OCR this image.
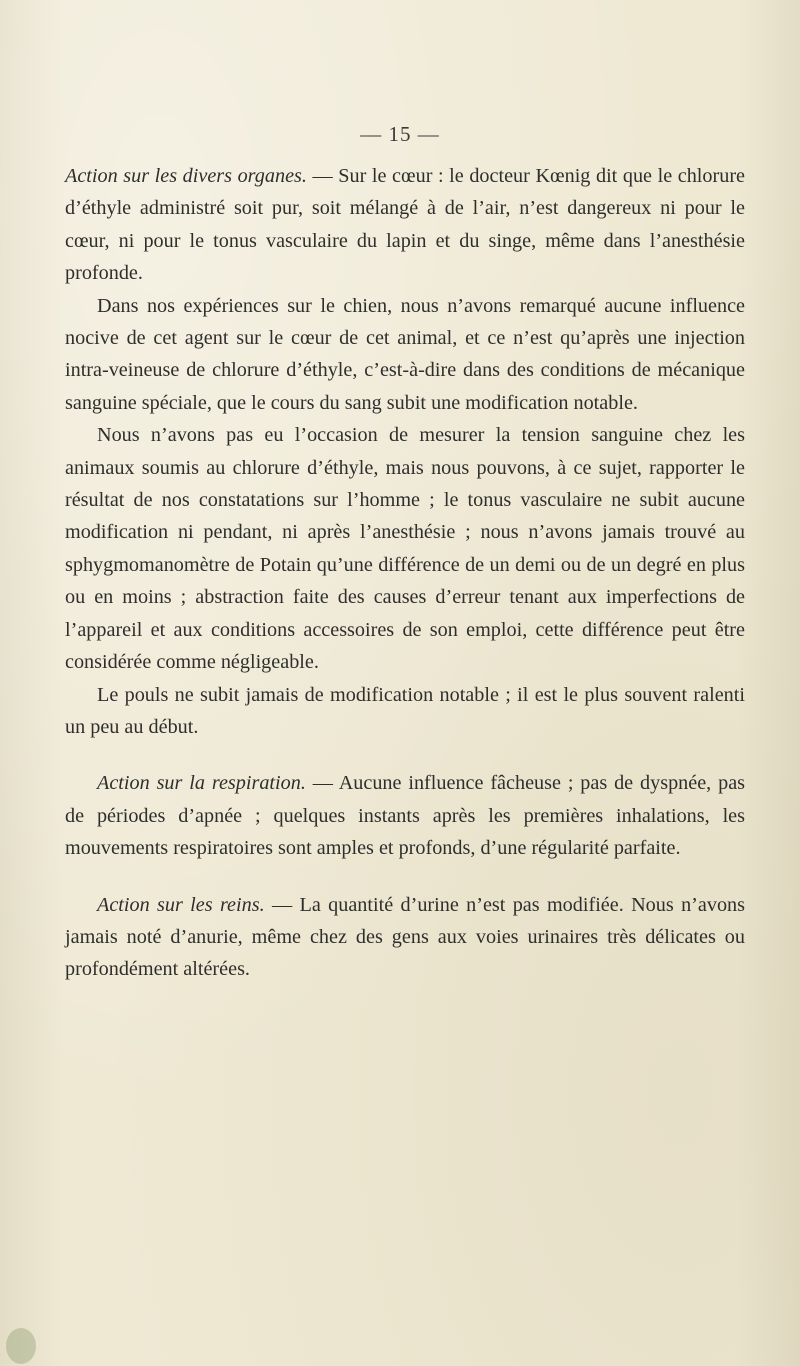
— 15 —

Action sur les divers organes. — Sur le cœur : le docteur Kœnig dit que le chlorure d’éthyle administré soit pur, soit mélangé à de l’air, n’est dangereux ni pour le cœur, ni pour le tonus vasculaire du lapin et du singe, même dans l’anesthésie profonde.

Dans nos expériences sur le chien, nous n’avons remarqué aucune influence nocive de cet agent sur le cœur de cet animal, et ce n’est qu’après une injection intra-veineuse de chlorure d’éthyle, c’est-à-dire dans des conditions de mécanique sanguine spéciale, que le cours du sang subit une modification notable.

Nous n’avons pas eu l’occasion de mesurer la tension sanguine chez les animaux soumis au chlorure d’éthyle, mais nous pouvons, à ce sujet, rapporter le résultat de nos constatations sur l’homme ; le tonus vasculaire ne subit aucune modification ni pendant, ni après l’anesthésie ; nous n’avons jamais trouvé au sphygmomanomètre de Potain qu’une différence de un demi ou de un degré en plus ou en moins ; abstraction faite des causes d’erreur tenant aux imperfections de l’appareil et aux conditions accessoires de son emploi, cette différence peut être considérée comme négligeable.

Le pouls ne subit jamais de modification notable ; il est le plus souvent ralenti un peu au début.

Action sur la respiration. — Aucune influence fâcheuse ; pas de dyspnée, pas de périodes d’apnée ; quelques instants après les premières inhalations, les mouvements respiratoires sont amples et profonds, d’une régularité parfaite.

Action sur les reins. — La quantité d’urine n’est pas modifiée. Nous n’avons jamais noté d’anurie, même chez des gens aux voies urinaires très délicates ou profondément altérées.
